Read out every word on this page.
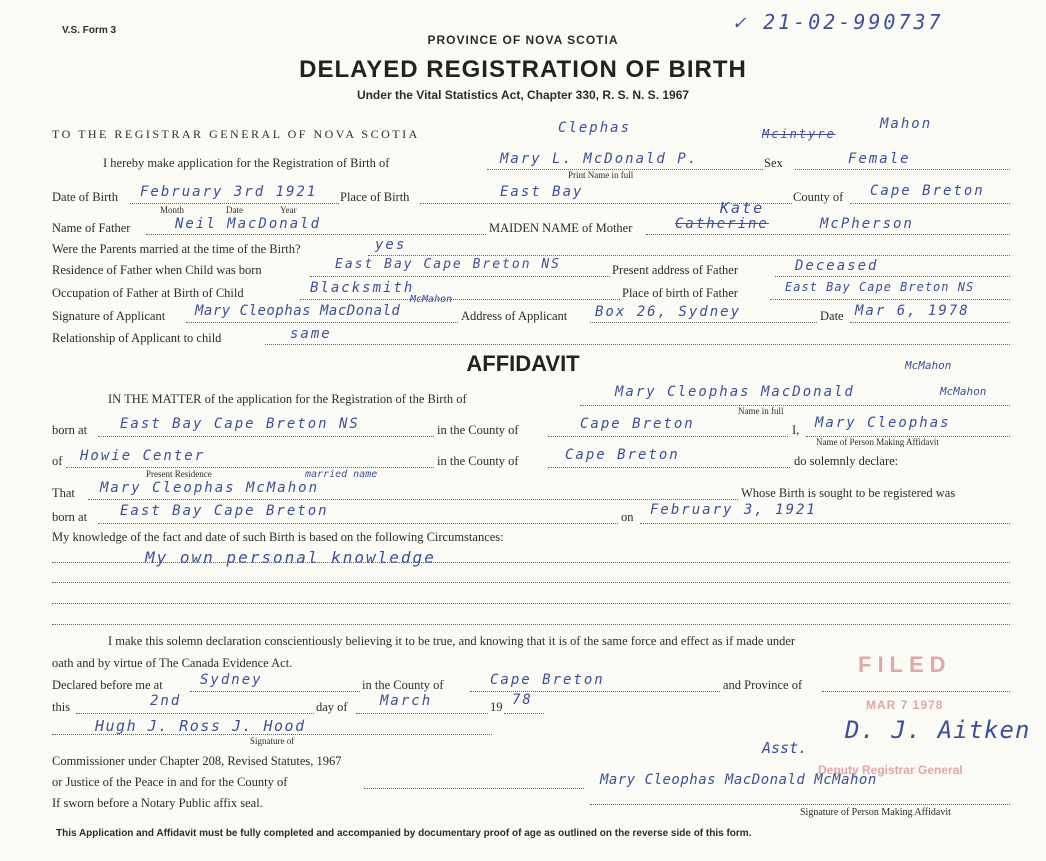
V.S. Form 3	✓ 21-02-990737
PROVINCE OF NOVA SCOTIA
DELAYED REGISTRATION OF BIRTH
Under the Vital Statistics Act, Chapter 330, R. S. N. S. 1967
TO THE REGISTRAR GENERAL OF NOVA SCOTIA	Clephas	Mcintyre
Mahon
I hereby make application for the Registration of Birth of	Mary L. McDonald P.	Sex	Female
Print Name in full
Date of Birth February 3rd 1921
Month	Date	Year
Place of Birth	East Bay	County of Cape Breton
Name of Father	Neil MacDonald	MAIDEN NAME of Mother
Kate
Catherine	McPherson
Were the Parents married at the time of the Birth?	yes
Residence of Father when Child was born	East Bay Cape Breton NS	Present address of Father	Deceased
Occupation of Father at Birth of Child	Blacksmith	Place of birth of Father	East Bay Cape Breton NS
Signature of Applicant
McMahon
Mary Cleophas MacDonald	Address of Applicant Box 26, Sydney	Date Mar 6, 1978
Relationship of Applicant to child	same
AFFIDAVIT	McMahon
IN THE MATTER of the application for the Registration of the Birth of	Mary Cleophas MacDonald	McMahon
Name in full
born at East Bay Cape Breton NS	in the County of	Cape Breton	I, Mary Cleophas
Name of Person Making Affidavit
of Howie Center
Present Residence
in the County of	Cape Breton	do solemnly declare:
That
married name
Mary Cleophas McMahon	Whose Birth is sought to be registered was
born at East Bay Cape Breton	on February 3, 1921
My knowledge of the fact and date of such Birth is based on the following Circumstances:
My own personal knowledge
I make this solemn declaration conscientiously believing it to be true, and knowing that it is of the same force and effect as if made under
oath and by virtue of The Canada Evidence Act.
Declared before me at	Sydney	in the County of	Cape Breton	and Province of
this	2nd	day of March	19 78
Hugh J. Ross J. Hood
Signature of
Commissioner under Chapter 208, Revised Statutes, 1967
or Justice of the Peace in and for the County of
If sworn before a Notary Public affix seal.
FILED
MAR 7 1978
Deputy Registrar General
Asst.
D. J. Aitken
Mary Cleophas MacDonald McMahon
Signature of Person Making Affidavit
This Application and Affidavit must be fully completed and accompanied by documentary proof of age as outlined on the reverse side of this form.
